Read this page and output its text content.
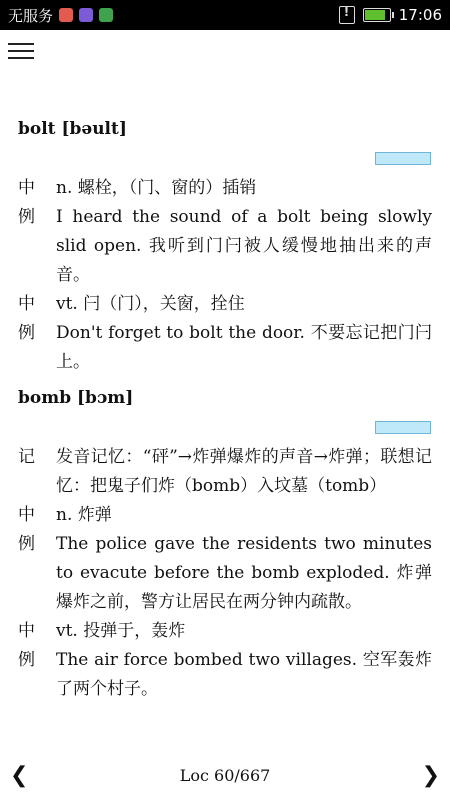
无服务
!	17:06
bolt [bəult]
中	n. 螺栓，（门、窗的）插销
例	I heard the sound of a bolt being slowly slid open. 我听到门闩被人缓慢地抽出来的声音。
中	vt. 闩（门），关窗，拴住
例	Don't forget to bolt the door. 不要忘记把门闩上。
bomb [bɔm]
记	发音记忆：“砰”→炸弹爆炸的声音→炸弹；联想记忆：把鬼子们炸（bomb）入坟墓（tomb）
中	n. 炸弹
例	The police gave the residents two minutes to evacute before the bomb exploded. 炸弹爆炸之前，警方让居民在两分钟内疏散。
中	vt. 投弹于，轰炸
例	The air force bombed two villages. 空军轰炸了两个村子。
❮	Loc 60/667	❯
